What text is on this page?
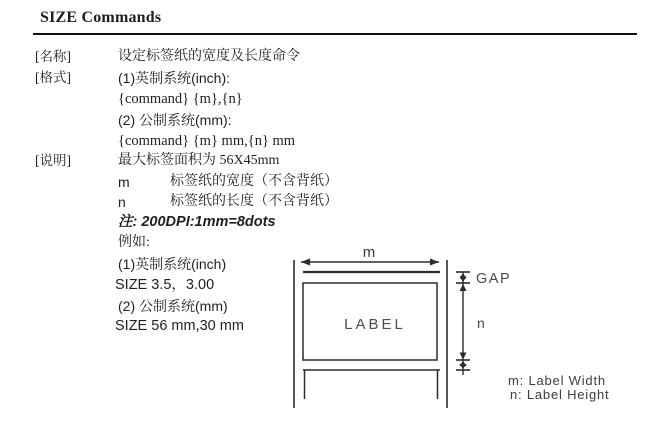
SIZE Commands
[名称]	设定标签纸的宽度及长度命令
[格式]	(1)英制系统(inch):
{command} {m},{n}
(2) 公制系统(mm):
{command} {m} mm,{n} mm
[说明]	最大标签面积为 56X45mm
m	标签纸的宽度（不含背纸）
n	标签纸的长度（不含背纸）
注: 200DPI:1mm=8dots
例如:
(1)英制系统(inch)
SIZE 3.5，3.00
(2) 公制系统(mm)
SIZE 56 mm,30 mm
m
LABEL
GAP
n
m: Label Width
n: Label Height
